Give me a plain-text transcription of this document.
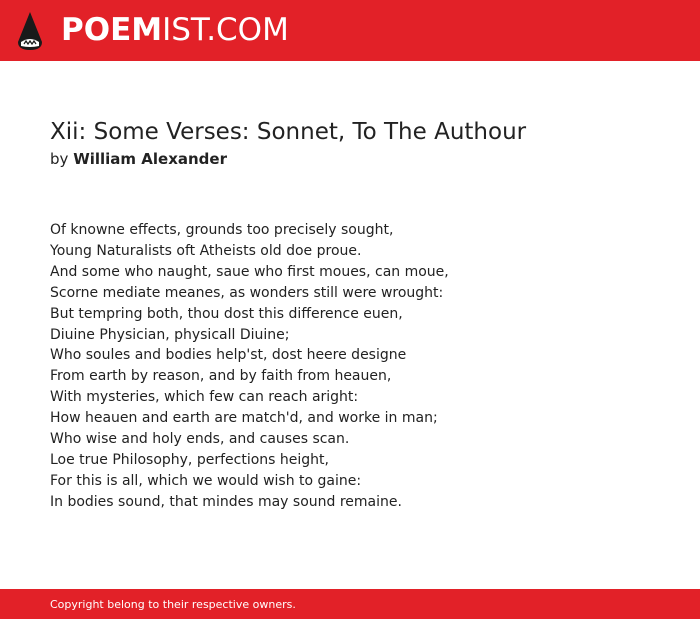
POEMIST.COM
Xii: Some Verses: Sonnet, To The Authour
by William Alexander
Of knowne effects, grounds too precisely sought,
Young Naturalists oft Atheists old doe proue.
And some who naught, saue who first moues, can moue,
Scorne mediate meanes, as wonders still were wrought:
But tempring both, thou dost this difference euen,
Diuine Physician, physicall Diuine;
Who soules and bodies help'st, dost heere designe
From earth by reason, and by faith from heauen,
With mysteries, which few can reach aright:
How heauen and earth are match'd, and worke in man;
Who wise and holy ends, and causes scan.
Loe true Philosophy, perfections height,
For this is all, which we would wish to gaine:
In bodies sound, that mindes may sound remaine.
Copyright belong to their respective owners.
